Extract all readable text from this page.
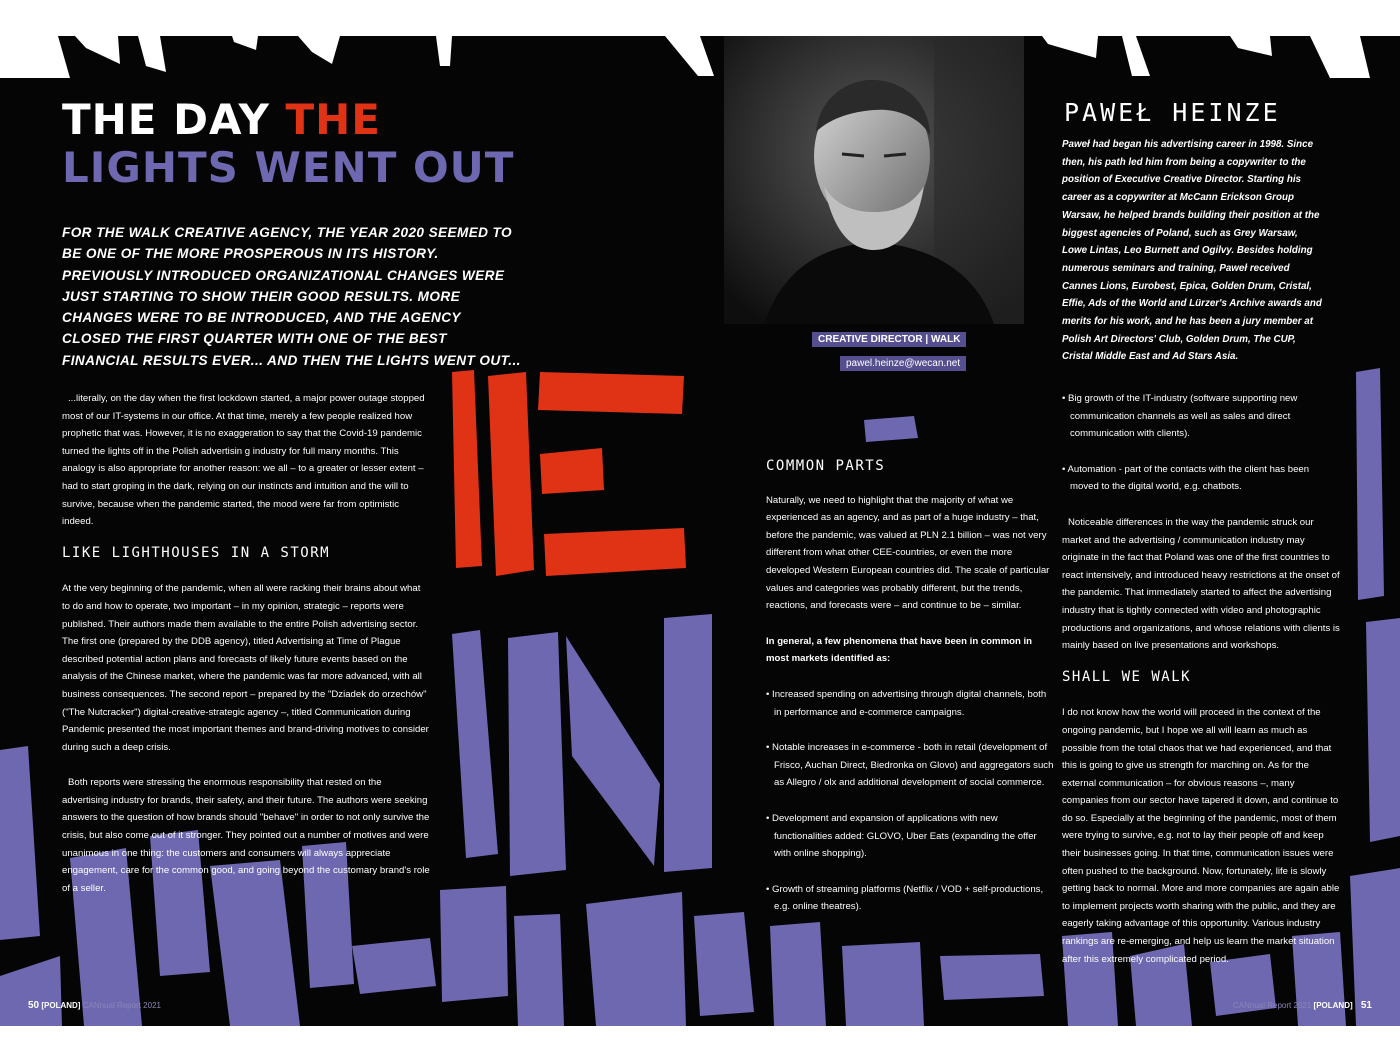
THE DAY THE
LIGHTS WENT OUT
FOR THE WALK CREATIVE AGENCY, THE YEAR 2020 SEEMED TO BE ONE OF THE MORE PROSPEROUS IN ITS HISTORY. PREVIOUSLY INTRODUCED ORGANIZATIONAL CHANGES WERE JUST STARTING TO SHOW THEIR GOOD RESULTS. MORE CHANGES WERE TO BE INTRODUCED, AND THE AGENCY CLOSED THE FIRST QUARTER WITH ONE OF THE BEST FINANCIAL RESULTS EVER... AND THEN THE LIGHTS WENT OUT...

...literally, on the day when the first lockdown started, a major power outage stopped most of our IT-systems in our office. At that time, merely a few people realized how prophetic that was. However, it is no exaggeration to say that the Covid-19 pandemic turned the lights off in the Polish advertisin g industry for full many months. This analogy is also appropriate for another reason: we all – to a greater or lesser extent – had to start groping in the dark, relying on our instincts and intuition and the will to survive, because when the pandemic started, the mood were far from optimistic indeed.

LIKE LIGHTHOUSES IN A STORM

At the very beginning of the pandemic, when all were racking their brains about what to do and how to operate, two important – in my opinion, strategic – reports were published. Their authors made them available to the entire Polish advertising sector. The first one (prepared by the DDB agency), titled Advertising at Time of Plague described potential action plans and forecasts of likely future events based on the analysis of the Chinese market, where the pandemic was far more advanced, with all business consequences. The second report – prepared by the "Dziadek do orzechów" ("The Nutcracker") digital-creative-strategic agency –, titled Communication during Pandemic presented the most important themes and brand-driving motives to consider during such a deep crisis.

Both reports were stressing the enormous responsibility that rested on the advertising industry for brands, their safety, and their future. The authors were seeking answers to the question of how brands should "behave" in order to not only survive the crisis, but also come out of it stronger. They pointed out a number of motives and were unanimous in one thing: the customers and consumers will always appreciate engagement, care for the common good, and going beyond the customary brand's role of a seller.

CREATIVE DIRECTOR | WALK
pawel.heinze@wecan.net
PAWEŁ HEINZE
Paweł had began his advertising career in 1998. Since then, his path led him from being a copywriter to the position of Executive Creative Director. Starting his career as a copywriter at McCann Erickson Group Warsaw, he helped brands building their position at the biggest agencies of Poland, such as Grey Warsaw, Lowe Lintas, Leo Burnett and Ogilvy. Besides holding numerous seminars and training, Paweł received Cannes Lions, Eurobest, Epica, Golden Drum, Cristal, Effie, Ads of the World and Lürzer's Archive awards and merits for his work, and he has been a jury member at Polish Art Directors' Club, Golden Drum, The CUP, Cristal Middle East and Ad Stars Asia.
COMMON PARTS

Naturally, we need to highlight that the majority of what we experienced as an agency, and as part of a huge industry – that, before the pandemic, was valued at PLN 2.1 billion – was not very different from what other CEE-countries, or even the more developed Western European countries did. The scale of particular values and categories was probably different, but the trends, reactions, and forecasts were – and continue to be – similar.

In general, a few phenomena that have been in common in most markets identified as:

• Increased spending on advertising through digital channels, both in performance and e-commerce campaigns.

• Notable increases in e-commerce - both in retail (development of Frisco, Auchan Direct, Biedronka on Glovo) and aggregators such as Allegro / olx and additional development of social commerce.

• Development and expansion of applications with new functionalities added: GLOVO, Uber Eats (expanding the offer with online shopping).

• Growth of streaming platforms (Netflix / VOD + self-productions, e.g. online theatres).

• Big growth of the IT-industry (software supporting new communication channels as well as sales and direct communication with clients).

• Automation - part of the contacts with the client has been moved to the digital world, e.g. chatbots.

Noticeable differences in the way the pandemic struck our market and the advertising / communication industry may originate in the fact that Poland was one of the first countries to react intensively, and introduced heavy restrictions at the onset of the pandemic. That immediately started to affect the advertising industry that is tightly connected with video and photographic productions and organizations, and whose relations with clients is mainly based on live presentations and workshops.

SHALL WE WALK

I do not know how the world will proceed in the context of the ongoing pandemic, but I hope we all will learn as much as possible from the total chaos that we had experienced, and that this is going to give us strength for marching on. As for the external communication – for obvious reasons –, many companies from our sector have tapered it down, and continue to do so. Especially at the beginning of the pandemic, most of them were trying to survive, e.g. not to lay their people off and keep their businesses going. In that time, communication issues were often pushed to the background. Now, fortunately, life is slowly getting back to normal. More and more companies are again able to implement projects worth sharing with the public, and they are eagerly taking advantage of this opportunity. Various industry rankings are re-emerging, and help us learn the market situation after this extremely complicated period.

50 [POLAND] CANnual Report 2021	CANnual Report 2021 [POLAND] 51
